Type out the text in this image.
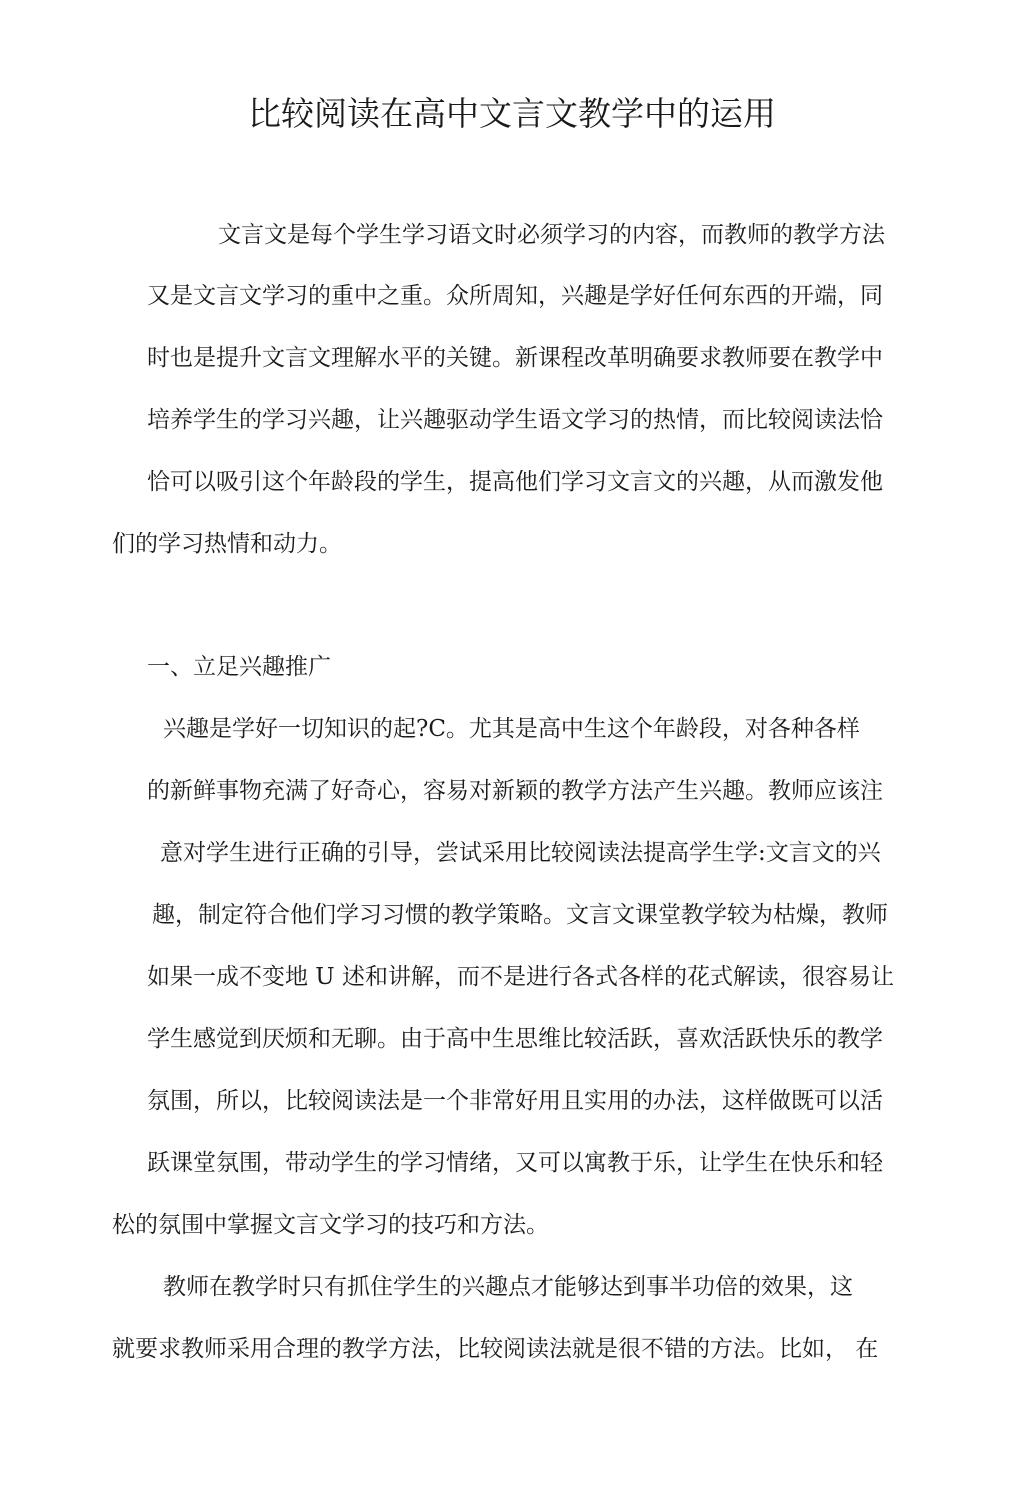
比较阅读在高中文言文教学中的运用

文言文是每个学生学习语文时必须学习的内容，而教师的教学方法

又是文言文学习的重中之重。众所周知，兴趣是学好任何东西的开端，同

时也是提升文言文理解水平的关键。新课程改革明确要求教师要在教学中

培养学生的学习兴趣，让兴趣驱动学生语文学习的热情，而比较阅读法恰

恰可以吸引这个年龄段的学生，提高他们学习文言文的兴趣，从而激发他

们的学习热情和动力。

一、立足兴趣推广

兴趣是学好一切知识的起?C。尤其是高中生这个年龄段，对各种各样

的新鲜事物充满了好奇心，容易对新颖的教学方法产生兴趣。教师应该注

意对学生进行正确的引导，尝试采用比较阅读法提高学生学:文言文的兴

趣，制定符合他们学习习惯的教学策略。文言文课堂教学较为枯燥，教师

如果一成不变地 U 述和讲解，而不是进行各式各样的花式解读，很容易让

学生感觉到厌烦和无聊。由于高中生思维比较活跃，喜欢活跃快乐的教学

氛围，所以，比较阅读法是一个非常好用且实用的办法，这样做既可以活

跃课堂氛围，带动学生的学习情绪，又可以寓教于乐，让学生在快乐和轻

松的氛围中掌握文言文学习的技巧和方法。

教师在教学时只有抓住学生的兴趣点才能够达到事半功倍的效果，这

就要求教师采用合理的教学方法，比较阅读法就是很不错的方法。比如， 在
